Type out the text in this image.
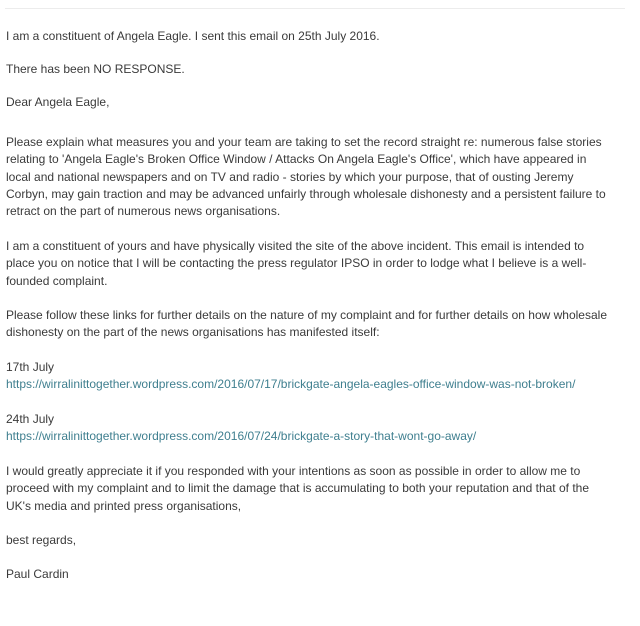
I am a constituent of Angela Eagle. I sent this email on 25th July 2016.
There has been NO RESPONSE.
Dear Angela Eagle,
Please explain what measures you and your team are taking to set the record straight re: numerous false stories
relating to 'Angela Eagle's Broken Office Window / Attacks On Angela Eagle's Office', which have appeared in
local and national newspapers and on TV and radio - stories by which your purpose, that of ousting Jeremy
Corbyn, may gain traction and may be advanced unfairly through wholesale dishonesty and a persistent failure to
retract on the part of numerous news organisations.
I am a constituent of yours and have physically visited the site of the above incident. This email is intended to
place you on notice that I will be contacting the press regulator IPSO in order to lodge what I believe is a well-
founded complaint.
Please follow these links for further details on the nature of my complaint and for further details on how wholesale
dishonesty on the part of the news organisations has manifested itself:
17th July
https://wirralinittogether.wordpress.com/2016/07/17/brickgate-angela-eagles-office-window-was-not-broken/
24th July
https://wirralinittogether.wordpress.com/2016/07/24/brickgate-a-story-that-wont-go-away/
I would greatly appreciate it if you responded with your intentions as soon as possible in order to allow me to
proceed with my complaint and to limit the damage that is accumulating to both your reputation and that of the
UK's media and printed press organisations,
best regards,
Paul Cardin
